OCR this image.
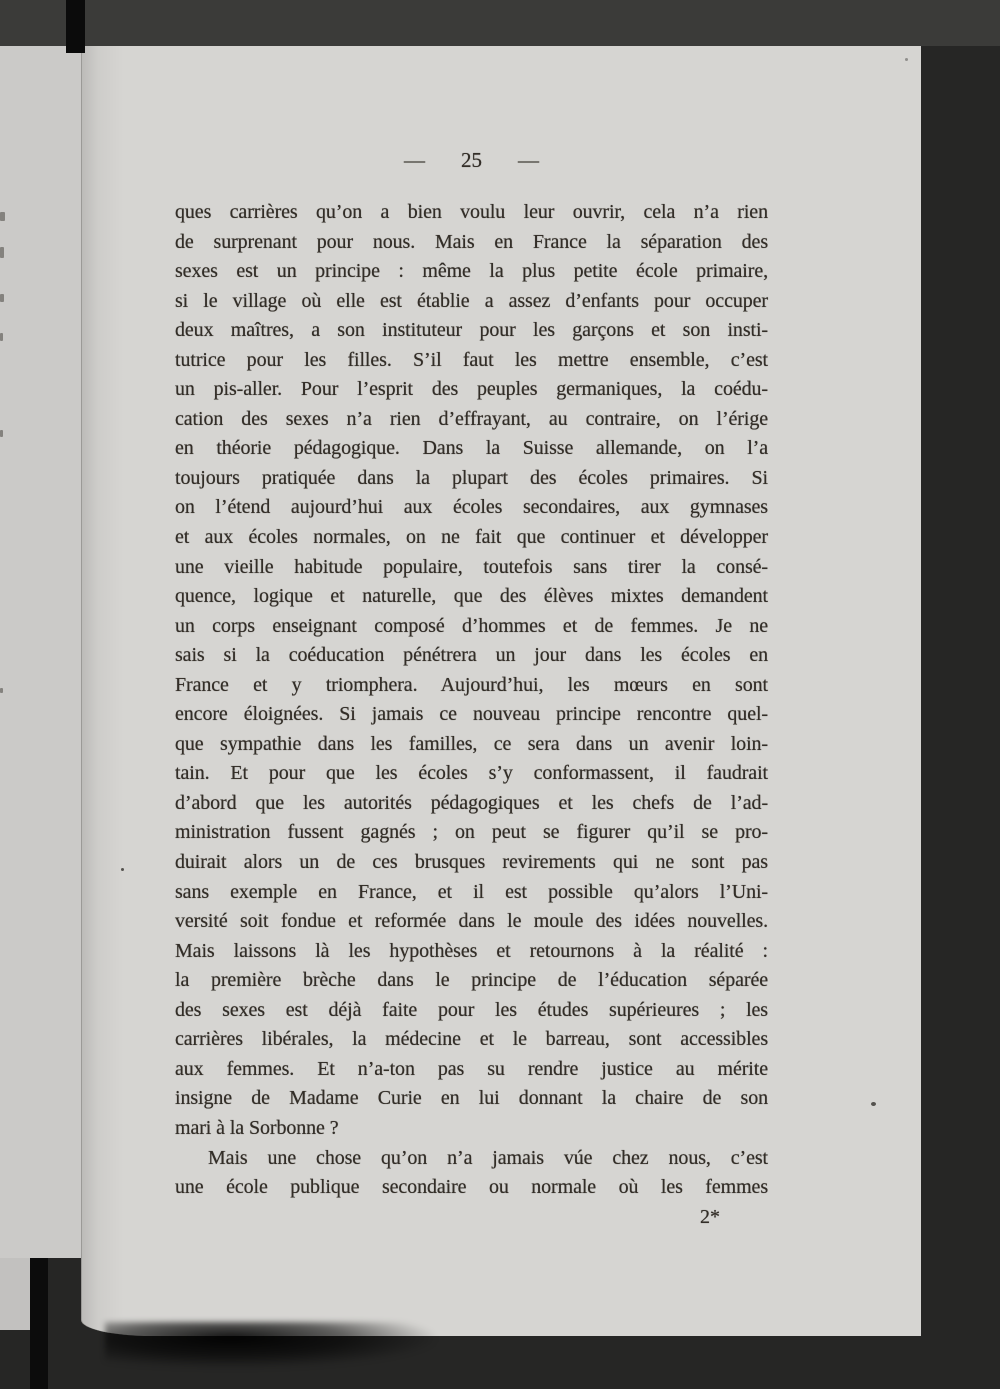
— 25 —
ques carrières qu’on a bien voulu leur ouvrir, cela n’a rien
de surprenant pour nous. Mais en France la séparation des
sexes est un principe : même la plus petite école primaire,
si le village où elle est établie a assez d’enfants pour occuper
deux maîtres, a son instituteur pour les garçons et son insti-
tutrice pour les filles. S’il faut les mettre ensemble, c’est
un pis-aller. Pour l’esprit des peuples germaniques, la coédu-
cation des sexes n’a rien d’effrayant, au contraire, on l’érige
en théorie pédagogique. Dans la Suisse allemande, on l’a
toujours pratiquée dans la plupart des écoles primaires. Si
on l’étend aujourd’hui aux écoles secondaires, aux gymnases
et aux écoles normales, on ne fait que continuer et développer
une vieille habitude populaire, toutefois sans tirer la consé-
quence, logique et naturelle, que des élèves mixtes demandent
un corps enseignant composé d’hommes et de femmes. Je ne
sais si la coéducation pénétrera un jour dans les écoles en
France et y triomphera. Aujourd’hui, les mœurs en sont
encore éloignées. Si jamais ce nouveau principe rencontre quel-
que sympathie dans les familles, ce sera dans un avenir loin-
tain. Et pour que les écoles s’y conformassent, il faudrait
d’abord que les autorités pédagogiques et les chefs de l’ad-
ministration fussent gagnés ; on peut se figurer qu’il se pro-
duirait alors un de ces brusques revirements qui ne sont pas
sans exemple en France, et il est possible qu’alors l’Uni-
versité soit fondue et reformée dans le moule des idées nouvelles.
Mais laissons là les hypothèses et retournons à la réalité :
la première brèche dans le principe de l’éducation séparée
des sexes est déjà faite pour les études supérieures ; les
carrières libérales, la médecine et le barreau, sont accessibles
aux femmes. Et n’a-ton pas su rendre justice au mérite
insigne de Madame Curie en lui donnant la chaire de son
mari à la Sorbonne ?
Mais une chose qu’on n’a jamais vúe chez nous, c’est
une école publique secondaire ou normale où les femmes
2*
